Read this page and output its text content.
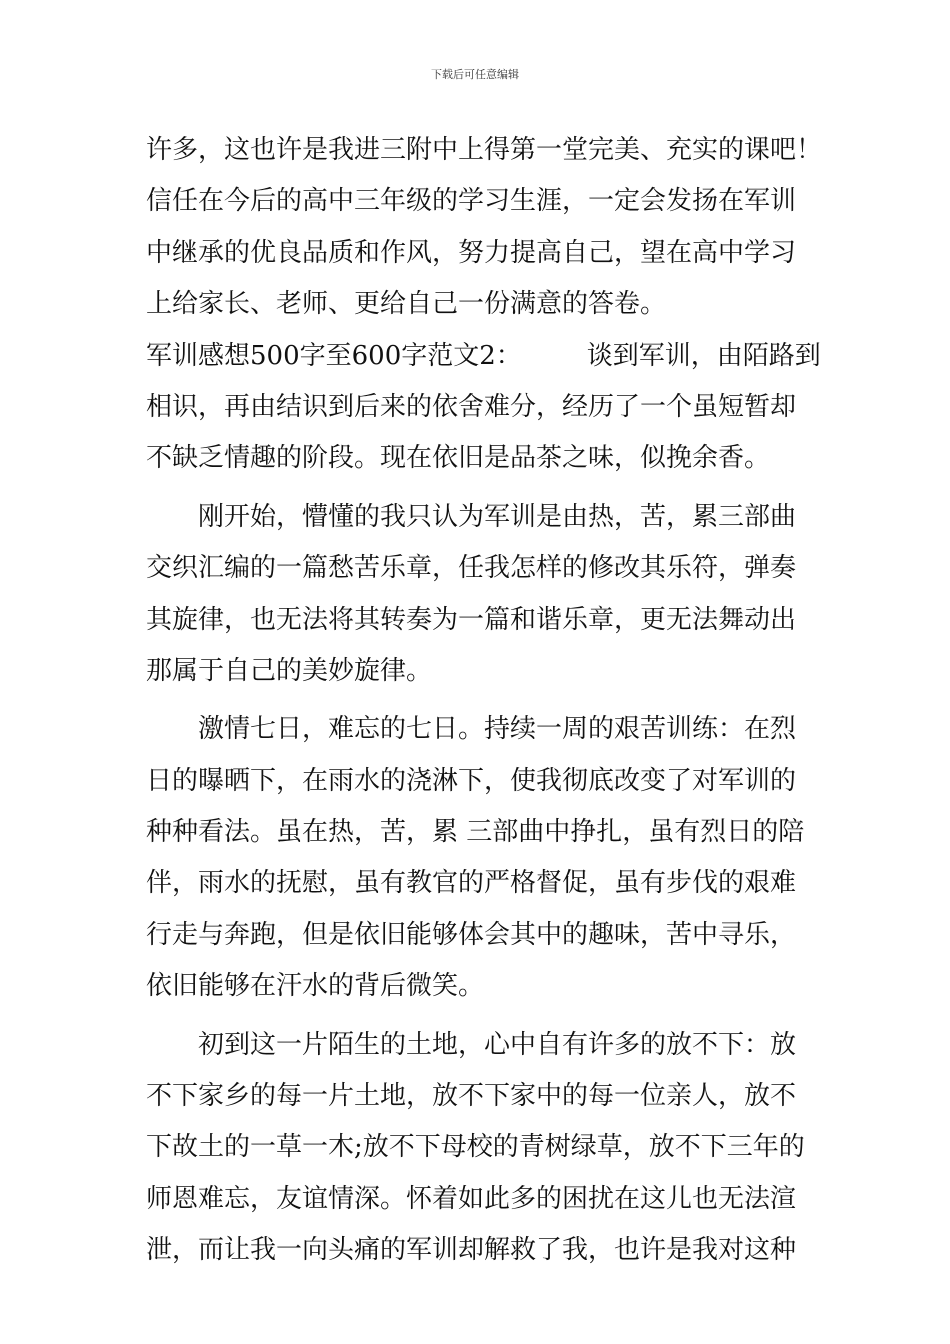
下载后可任意编辑
许多，这也许是我进三附中上得第一堂完美、充实的课吧！
信任在今后的高中三年级的学习生涯，一定会发扬在军训
中继承的优良品质和作风，努力提高自己，望在高中学习
上给家长、老师、更给自己一份满意的答卷。
军训感想500字至600字范文2：　　　谈到军训，由陌路到
相识，再由结识到后来的依舍难分，经历了一个虽短暂却
不缺乏情趣的阶段。现在依旧是品茶之味，似挽余香。
刚开始，懵懂的我只认为军训是由热，苦，累三部曲
交织汇编的一篇愁苦乐章，任我怎样的修改其乐符，弹奏
其旋律，也无法将其转奏为一篇和谐乐章，更无法舞动出
那属于自己的美妙旋律。
激情七日，难忘的七日。持续一周的艰苦训练：在烈
日的曝晒下，在雨水的浇淋下，使我彻底改变了对军训的
种种看法。虽在热，苦，累 三部曲中挣扎，虽有烈日的陪
伴，雨水的抚慰，虽有教官的严格督促，虽有步伐的艰难
行走与奔跑，但是依旧能够体会其中的趣味，苦中寻乐，
依旧能够在汗水的背后微笑。
初到这一片陌生的土地，心中自有许多的放不下：放
不下家乡的每一片土地，放不下家中的每一位亲人，放不
下故土的一草一木;放不下母校的青树绿草，放不下三年的
师恩难忘，友谊情深。怀着如此多的困扰在这儿也无法渲
泄，而让我一向头痛的军训却解救了我，也许是我对这种
